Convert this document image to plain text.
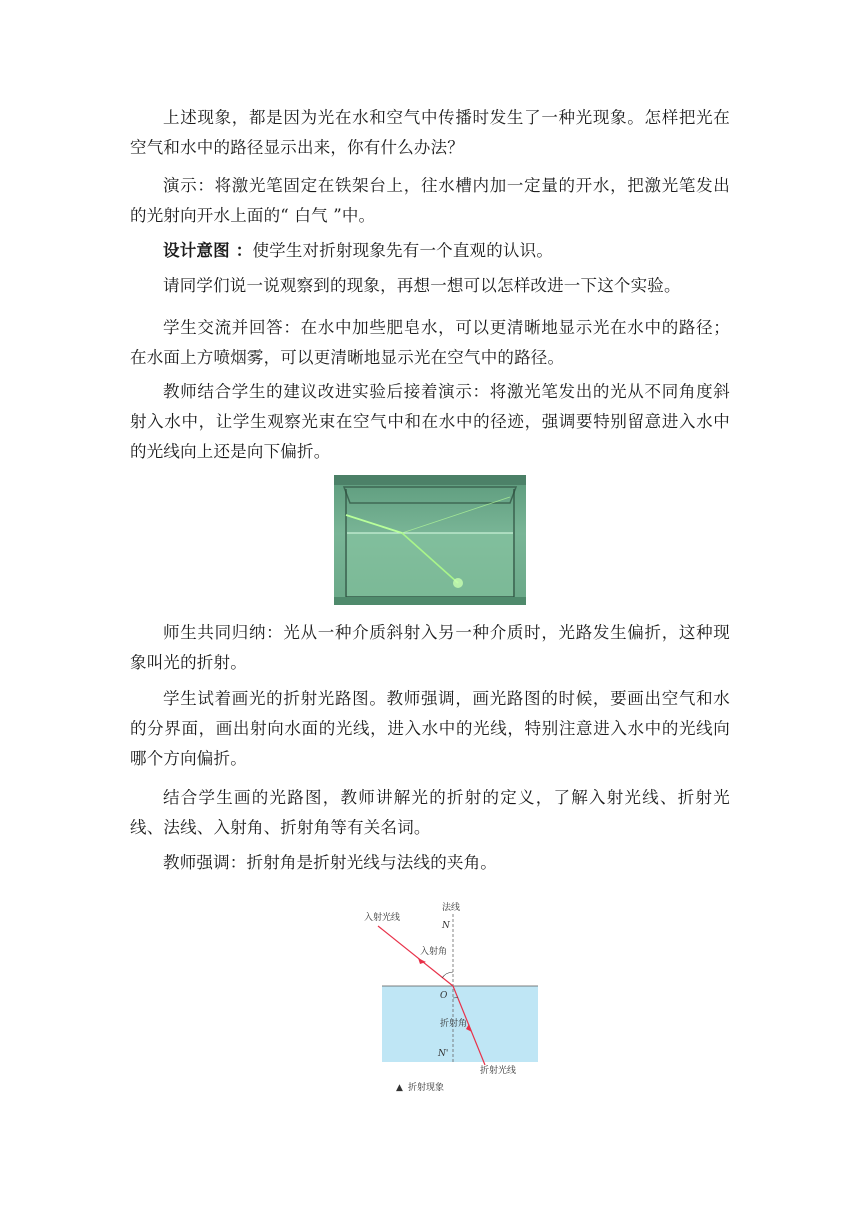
上述现象，都是因为光在水和空气中传播时发生了一种光现象。怎样把光在空气和水中的路径显示出来，你有什么办法？

演示：将激光笔固定在铁架台上，往水槽内加一定量的开水，把激光笔发出的光射向开水上面的“ 白气 ”中。

设计意图 ：使学生对折射现象先有一个直观的认识。

请同学们说一说观察到的现象，再想一想可以怎样改进一下这个实验。

学生交流并回答：在水中加些肥皂水，可以更清晰地显示光在水中的路径；在水面上方喷烟雾，可以更清晰地显示光在空气中的路径。

教师结合学生的建议改进实验后接着演示：将激光笔发出的光从不同角度斜射入水中，让学生观察光束在空气中和在水中的径迹，强调要特别留意进入水中的光线向上还是向下偏折。

师生共同归纳：光从一种介质斜射入另一种介质时，光路发生偏折，这种现象叫光的折射。

学生试着画光的折射光路图。教师强调，画光路图的时候，要画出空气和水的分界面，画出射向水面的光线，进入水中的光线，特别注意进入水中的光线向哪个方向偏折。

结合学生画的光路图，教师讲解光的折射的定义，了解入射光线、折射光线、法线、入射角、折射角等有关名词。

教师强调：折射角是折射光线与法线的夹角。

法线
入射光线
入射角
N
O
折射角
N'
折射光线
▲ 折射现象
